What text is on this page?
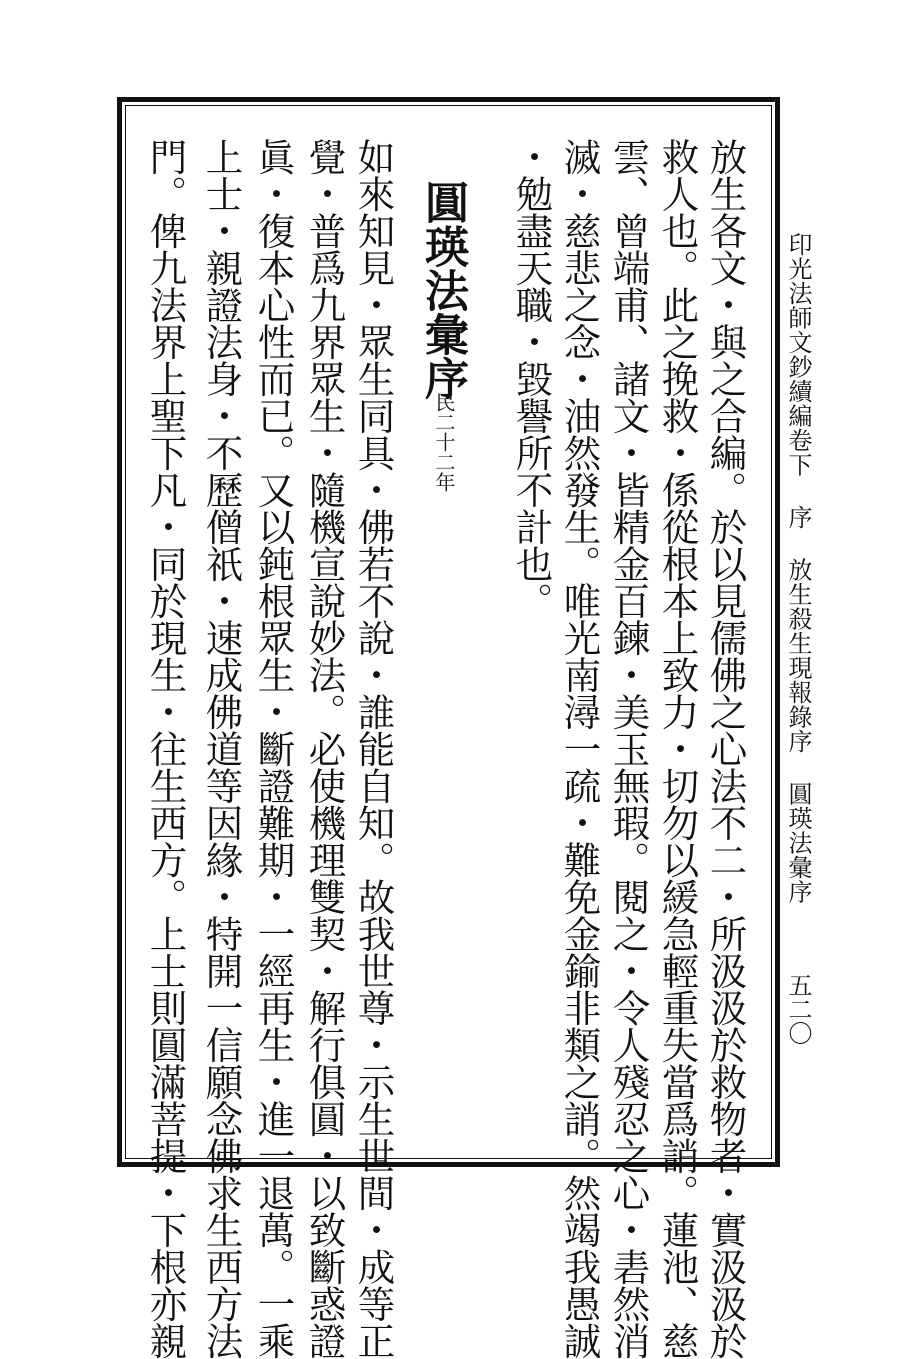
印光法師文鈔續編卷下序放生殺生現報錄序圓瑛法彙序
五二〇
放生各文・與之合編。於以見儒佛之心法不二・所汲汲於救物者・實汲汲於
救人也。此之挽救・係從根本上致力・切勿以緩急輕重失當爲誚。蓮池、慈
雲、曾端甫、諸文・皆精金百鍊・美玉無瑕。閱之・令人殘忍之心・砉然消
滅・慈悲之念・油然發生。唯光南潯一疏・難免金鍮非類之誚。然竭我愚誠
・勉盡天職・毀譽所不計也。
圓瑛法彙序
民二十二年
如來知見・眾生同具・佛若不說・誰能自知。故我世尊・示生世間・成等正
覺・普爲九界眾生・隨機宣說妙法。必使機理雙契・解行俱圓・以致斷惑證
眞・復本心性而已。又以鈍根眾生・斷證難期・一經再生・進一退萬。一乘
上士・親證法身・不歷僧祇・速成佛道等因緣・特開一信願念佛求生西方法
門。俾九法界上聖下凡・同於現生・往生西方。上士則圓滿菩提・下根亦親
